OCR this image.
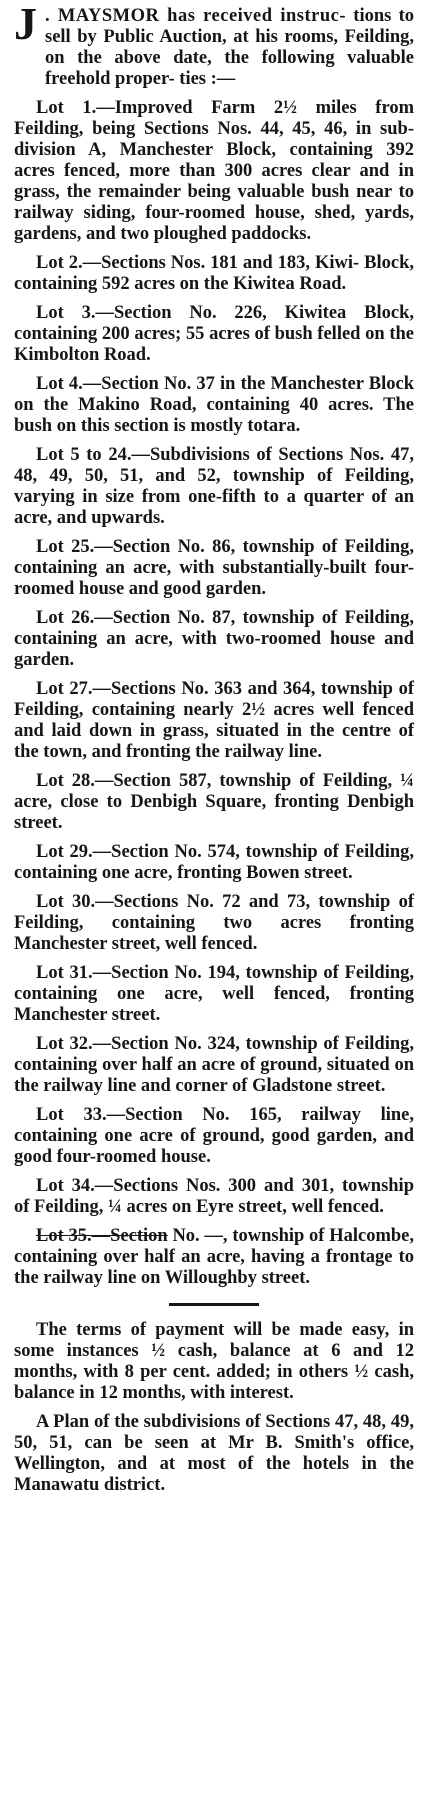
J . MAYSMOR has received instruc- tions to sell by Public Auction, at his rooms, Feilding, on the above date, the following valuable freehold proper- ties :—

Lot 1.—Improved Farm 2½ miles from Feilding, being Sections Nos. 44, 45, 46, in sub-division A, Manchester Block, containing 392 acres fenced, more than 300 acres clear and in grass, the remainder being valuable bush near to railway siding, four-roomed house, shed, yards, gardens, and two ploughed paddocks.

Lot 2.—Sections Nos. 181 and 183, Kiwi- Block, containing 592 acres on the Kiwitea Road.

Lot 3.—Section No. 226, Kiwitea Block, containing 200 acres; 55 acres of bush felled on the Kimbolton Road.

Lot 4.—Section No. 37 in the Manchester Block on the Makino Road, containing 40 acres. The bush on this section is mostly totara.

Lot 5 to 24.—Subdivisions of Sections Nos. 47, 48, 49, 50, 51, and 52, township of Feilding, varying in size from one-fifth to a quarter of an acre, and upwards.

Lot 25.—Section No. 86, township of Feilding, containing an acre, with substantially-built four-roomed house and good garden.

Lot 26.—Section No. 87, township of Feilding, containing an acre, with two-roomed house and garden.

Lot 27.—Sections No. 363 and 364, township of Feilding, containing nearly 2½ acres well fenced and laid down in grass, situated in the centre of the town, and fronting the railway line.

Lot 28.—Section 587, township of Feilding, ¼ acre, close to Denbigh Square, fronting Denbigh street.

Lot 29.—Section No. 574, township of Feilding, containing one acre, fronting Bowen street.

Lot 30.—Sections No. 72 and 73, township of Feilding, containing two acres fronting Manchester street, well fenced.

Lot 31.—Section No. 194, township of Feilding, containing one acre, well fenced, fronting Manchester street.

Lot 32.—Section No. 324, township of Feilding, containing over half an acre of ground, situated on the railway line and corner of Gladstone street.

Lot 33.—Section No. 165, railway line, containing one acre of ground, good garden, and good four-roomed house.

Lot 34.—Sections Nos. 300 and 301, township of Feilding, ¼ acres on Eyre street, well fenced.

Lot 35.—Section No. —, township of Halcombe, containing over half an acre, having a frontage to the railway line on Willoughby street.

The terms of payment will be made easy, in some instances ½ cash, balance at 6 and 12 months, with 8 per cent. added; in others ½ cash, balance in 12 months, with interest.

A Plan of the subdivisions of Sections 47, 48, 49, 50, 51, can be seen at Mr B. Smith's office, Wellington, and at most of the hotels in the Manawatu district.
